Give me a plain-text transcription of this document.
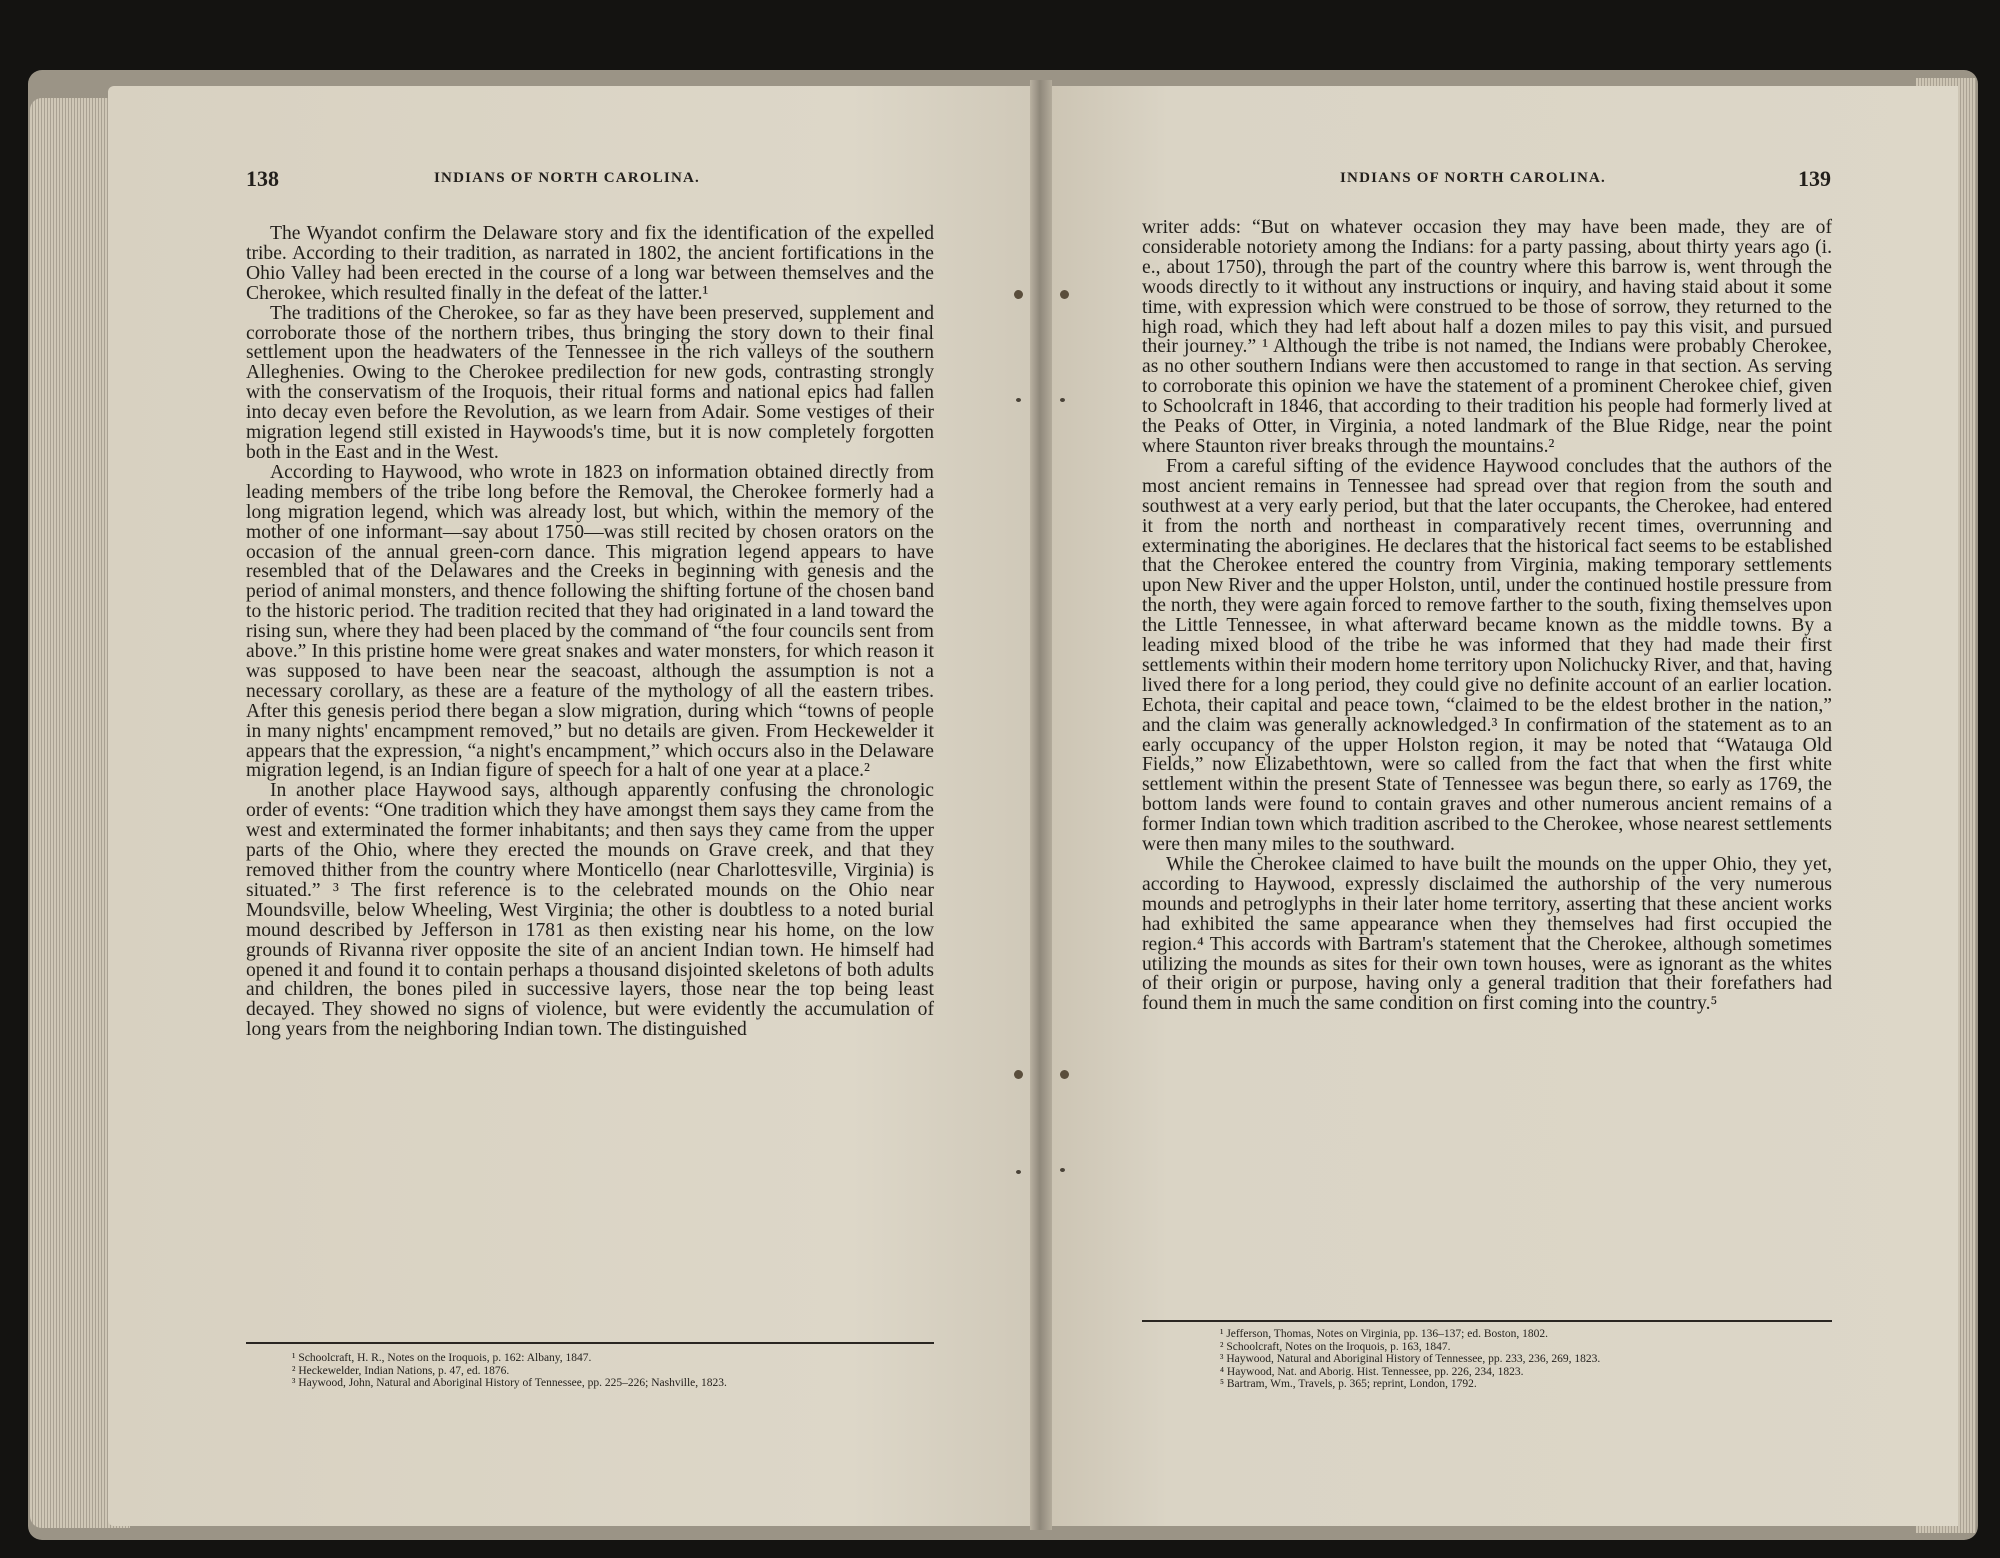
138	INDIANS OF NORTH CAROLINA.

The Wyandot confirm the Delaware story and fix the identification of the expelled tribe. According to their tradition, as narrated in 1802, the ancient fortifications in the Ohio Valley had been erected in the course of a long war between themselves and the Cherokee, which resulted finally in the defeat of the latter.¹

The traditions of the Cherokee, so far as they have been preserved, supplement and corroborate those of the northern tribes, thus bringing the story down to their final settlement upon the headwaters of the Tennessee in the rich valleys of the southern Alleghenies. Owing to the Cherokee predilection for new gods, contrasting strongly with the conservatism of the Iroquois, their ritual forms and national epics had fallen into decay even before the Revolution, as we learn from Adair. Some vestiges of their migration legend still existed in Haywoods's time, but it is now completely forgotten both in the East and in the West.

According to Haywood, who wrote in 1823 on information obtained directly from leading members of the tribe long before the Removal, the Cherokee formerly had a long migration legend, which was already lost, but which, within the memory of the mother of one informant—say about 1750—was still recited by chosen orators on the occasion of the annual green-corn dance. This migration legend appears to have resembled that of the Delawares and the Creeks in beginning with genesis and the period of animal monsters, and thence following the shifting fortune of the chosen band to the historic period. The tradition recited that they had originated in a land toward the rising sun, where they had been placed by the command of “the four councils sent from above.” In this pristine home were great snakes and water monsters, for which reason it was supposed to have been near the seacoast, although the assumption is not a necessary corollary, as these are a feature of the mythology of all the eastern tribes. After this genesis period there began a slow migration, during which “towns of people in many nights' encampment removed,” but no details are given. From Heckewelder it appears that the expression, “a night's encampment,” which occurs also in the Delaware migration legend, is an Indian figure of speech for a halt of one year at a place.²

In another place Haywood says, although apparently confusing the chronologic order of events: “One tradition which they have amongst them says they came from the west and exterminated the former inhabitants; and then says they came from the upper parts of the Ohio, where they erected the mounds on Grave creek, and that they removed thither from the country where Monticello (near Charlottesville, Virginia) is situated.” ³ The first reference is to the celebrated mounds on the Ohio near Moundsville, below Wheeling, West Virginia; the other is doubtless to a noted burial mound described by Jefferson in 1781 as then existing near his home, on the low grounds of Rivanna river opposite the site of an ancient Indian town. He himself had opened it and found it to contain perhaps a thousand disjointed skeletons of both adults and children, the bones piled in successive layers, those near the top being least decayed. They showed no signs of violence, but were evidently the accumulation of long years from the neighboring Indian town. The distinguished

¹ Schoolcraft, H. R., Notes on the Iroquois, p. 162: Albany, 1847.
² Heckewelder, Indian Nations, p. 47, ed. 1876.
³ Haywood, John, Natural and Aboriginal History of Tennessee, pp. 225–226; Nashville, 1823.
INDIANS OF NORTH CAROLINA.	139

writer adds: “But on whatever occasion they may have been made, they are of considerable notoriety among the Indians: for a party passing, about thirty years ago (i. e., about 1750), through the part of the country where this barrow is, went through the woods directly to it without any instructions or inquiry, and having staid about it some time, with expression which were construed to be those of sorrow, they returned to the high road, which they had left about half a dozen miles to pay this visit, and pursued their journey.” ¹ Although the tribe is not named, the Indians were probably Cherokee, as no other southern Indians were then accustomed to range in that section. As serving to corroborate this opinion we have the statement of a prominent Cherokee chief, given to Schoolcraft in 1846, that according to their tradition his people had formerly lived at the Peaks of Otter, in Virginia, a noted landmark of the Blue Ridge, near the point where Staunton river breaks through the mountains.²

From a careful sifting of the evidence Haywood concludes that the authors of the most ancient remains in Tennessee had spread over that region from the south and southwest at a very early period, but that the later occupants, the Cherokee, had entered it from the north and northeast in comparatively recent times, overrunning and exterminating the aborigines. He declares that the historical fact seems to be established that the Cherokee entered the country from Virginia, making temporary settlements upon New River and the upper Holston, until, under the continued hostile pressure from the north, they were again forced to remove farther to the south, fixing themselves upon the Little Tennessee, in what afterward became known as the middle towns. By a leading mixed blood of the tribe he was informed that they had made their first settlements within their modern home territory upon Nolichucky River, and that, having lived there for a long period, they could give no definite account of an earlier location. Echota, their capital and peace town, “claimed to be the eldest brother in the nation,” and the claim was generally acknowledged.³ In confirmation of the statement as to an early occupancy of the upper Holston region, it may be noted that “Watauga Old Fields,” now Elizabethtown, were so called from the fact that when the first white settlement within the present State of Tennessee was begun there, so early as 1769, the bottom lands were found to contain graves and other numerous ancient remains of a former Indian town which tradition ascribed to the Cherokee, whose nearest settlements were then many miles to the southward.

While the Cherokee claimed to have built the mounds on the upper Ohio, they yet, according to Haywood, expressly disclaimed the authorship of the very numerous mounds and petroglyphs in their later home territory, asserting that these ancient works had exhibited the same appearance when they themselves had first occupied the region.⁴ This accords with Bartram's statement that the Cherokee, although sometimes utilizing the mounds as sites for their own town houses, were as ignorant as the whites of their origin or purpose, having only a general tradition that their forefathers had found them in much the same condition on first coming into the country.⁵

¹ Jefferson, Thomas, Notes on Virginia, pp. 136–137; ed. Boston, 1802.
² Schoolcraft, Notes on the Iroquois, p. 163, 1847.
³ Haywood, Natural and Aboriginal History of Tennessee, pp. 233, 236, 269, 1823.
⁴ Haywood, Nat. and Aborig. Hist. Tennessee, pp. 226, 234, 1823.
⁵ Bartram, Wm., Travels, p. 365; reprint, London, 1792.
